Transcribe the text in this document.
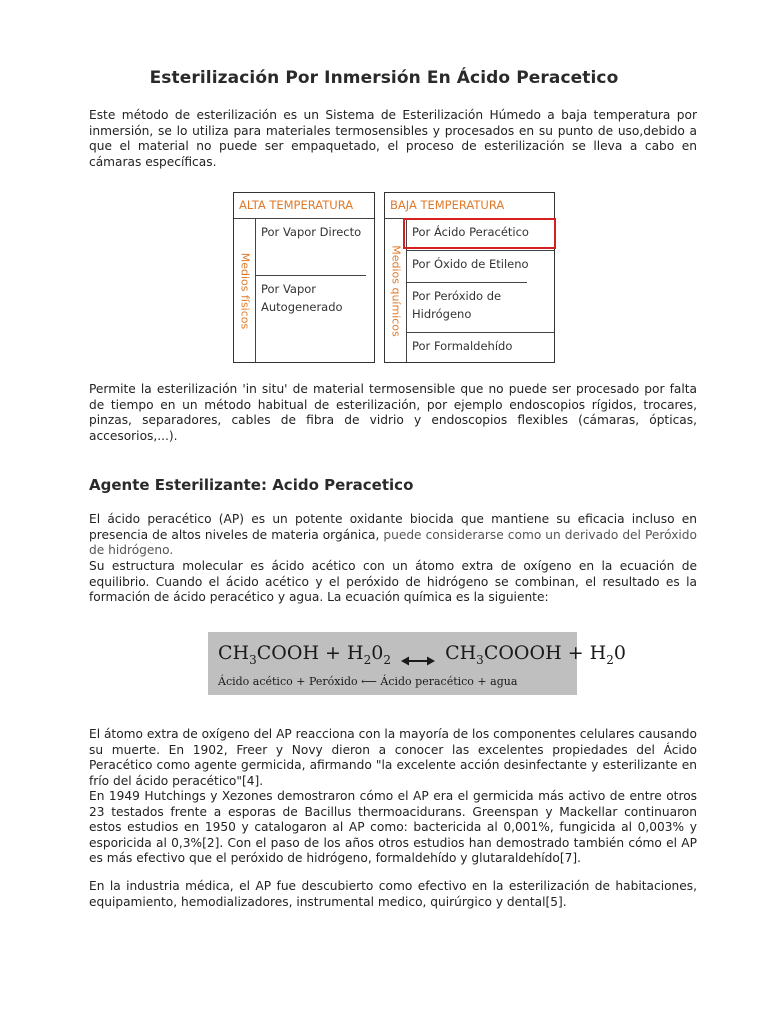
Esterilización Por Inmersión En Ácido Peracetico
Este método de esterilización es un Sistema de Esterilización Húmedo a baja temperatura por inmersión, se lo utiliza para materiales termosensibles y procesados en su punto de uso,debido a que el material no puede ser empaquetado, el proceso de esterilización se lleva a cabo en cámaras específicas.
ALTA TEMPERATURA
Medios físicos
Por Vapor Directo
Por Vapor Autogenerado
BAJA TEMPERATURA
Medios químicos
Por Ácido Peracético
Por Óxido de Etileno
Por Peróxido de Hidrógeno
Por Formaldehído
Permite la esterilización 'in situ' de material termosensible que no puede ser procesado por falta de tiempo en un método habitual de esterilización, por ejemplo endoscopios rígidos, trocares, pinzas, separadores, cables de fibra de vidrio y endoscopios flexibles (cámaras, ópticas, accesorios,...).
Agente Esterilizante: Acido Peracetico
El ácido peracético (AP) es un potente oxidante biocida que mantiene su eficacia incluso en presencia de altos niveles de materia orgánica, puede considerarse como un derivado del Peróxido de hidrógeno.
Su estructura molecular es ácido acético con un átomo extra de oxígeno en la ecuación de equilibrio. Cuando el ácido acético y el peróxido de hidrógeno se combinan, el resultado es la formación de ácido peracético y agua. La ecuación química es la siguiente:
$CH_3COOH + H_20_2$	$CH_3COOOH + H_20$
Ácido acético + Peróxido ⟵ Ácido peracético + agua
El átomo extra de oxígeno del AP reacciona con la mayoría de los componentes celulares causando su muerte. En 1902, Freer y Novy dieron a conocer las excelentes propiedades del Ácido Peracético como agente germicida, afirmando "la excelente acción desinfectante y esterilizante en frío del ácido peracético"[4].
En 1949 Hutchings y Xezones demostraron cómo el AP era el germicida más activo de entre otros 23 testados frente a esporas de Bacillus thermoacidurans. Greenspan y Mackellar continuaron estos estudios en 1950 y catalogaron al AP como: bactericida al 0,001%, fungicida al 0,003% y esporicida al 0,3%[2]. Con el paso de los años otros estudios han demostrado también cómo el AP es más efectivo que el peróxido de hidrógeno, formaldehído y glutaraldehído[7].
En la industria médica, el AP fue descubierto como efectivo en la esterilización de habitaciones, equipamiento, hemodializadores, instrumental medico, quirúrgico y dental[5].
